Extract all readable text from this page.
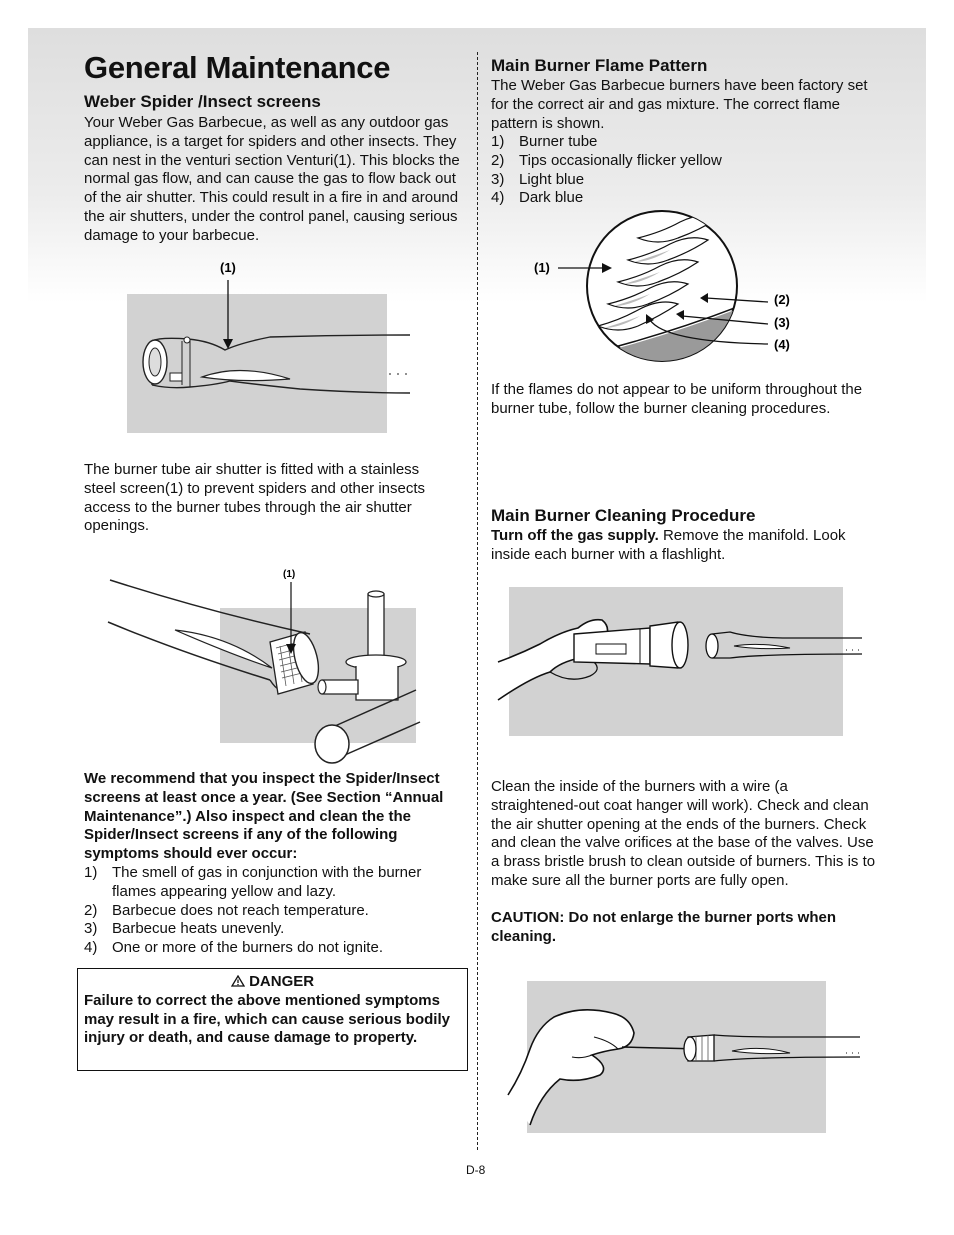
General Maintenance
Weber Spider /Insect screens
Your Weber Gas Barbecue, as well as any outdoor gas appliance, is a target for spiders and other insects. They can nest in the venturi section Venturi(1). This blocks the normal gas flow, and can cause the gas to flow back out of the air shutter. This could result in a fire in and around the air shutters, under the control panel, causing serious damage to your barbecue.
(1)
The burner tube air shutter is fitted with a stainless steel screen(1) to prevent spiders and other insects access to the burner tubes through the air shutter openings.
(1)
We recommend that you inspect the Spider/Insect screens at least once a year. (See Section “Annual Maintenance”.) Also inspect and clean the the Spider/Insect screens if any of the following symptoms should ever occur:
1) The smell of gas in conjunction with the burner flames appearing yellow and lazy.
2) Barbecue does not reach temperature.
3) Barbecue heats unevenly.
4) One or more of the burners do not ignite.
DANGER
Failure to correct the above mentioned symptoms may result in a fire, which can cause serious bodily injury or death, and cause damage to property.
Main Burner Flame Pattern
The Weber Gas Barbecue burners have been factory set for the correct air and gas mixture. The correct flame pattern is shown.
1) Burner tube
2) Tips occasionally flicker yellow
3) Light blue
4) Dark blue
(1)
(2)
(3)
(4)
If the flames do not appear to be uniform throughout the burner tube, follow the burner cleaning procedures.
Main Burner Cleaning Procedure
Turn off the gas supply. Remove the manifold. Look inside each burner with a flashlight.
Clean the inside of the burners with a wire (a straightened-out coat hanger will work). Check and clean the air shutter opening at the ends of the burners. Check and clean the valve orifices at the base of the valves. Use a brass bristle brush to clean outside of burners. This is to make sure all the burner ports are fully open.
CAUTION: Do not enlarge the burner ports when cleaning.
D-8
